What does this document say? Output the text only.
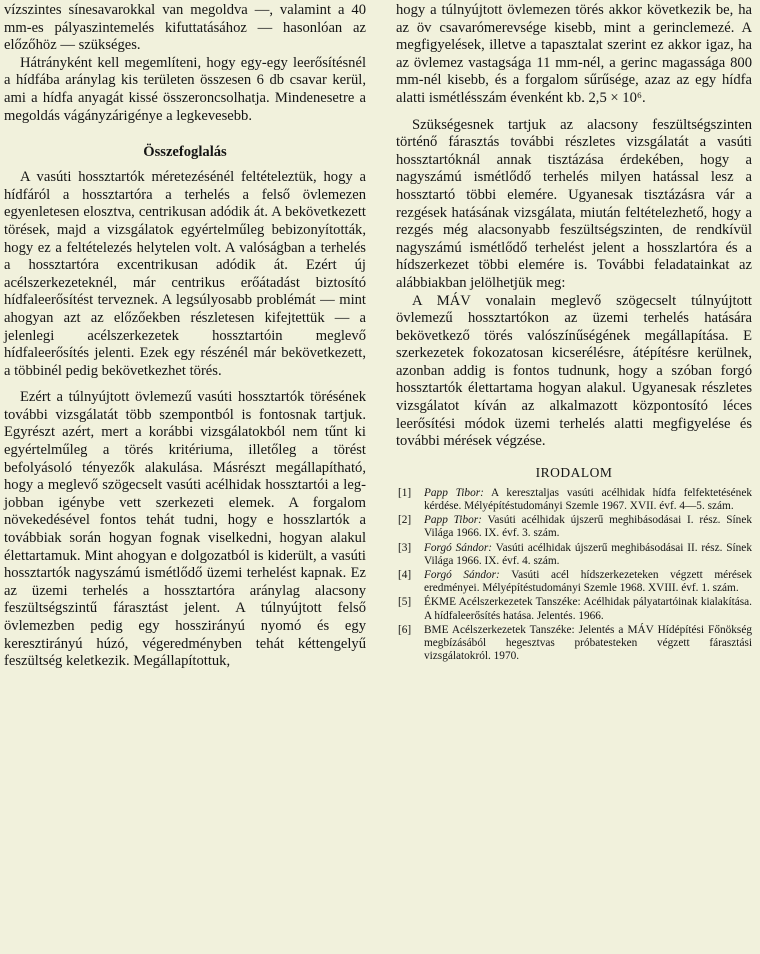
vízszintes sínesavarokkal van megoldva —, valamint a 40 mm-es pályaszintemelés kifuttatásához — hasonlóan az előzőhöz — szükséges.

Hátrányként kell megemlíteni, hogy egy-egy leerősítésnél a hídfába aránylag kis területen összesen 6 db csavar kerül, ami a hídfa anyagát kissé összeroncsolhatja. Mindenesetre a megoldás vágányzárigénye a legkevesebb.

Összefoglalás

A vasúti hossztartók méretezésénél feltételeztük, hogy a hídfáról a hossztartóra a terhelés a felső övlemezen egyenletesen elosztva, centrikusan adódik át. A bekövetkezett törések, majd a vizsgálatok egyértelműleg bebizonyították, hogy ez a feltételezés helytelen volt. A valóságban a terhelés a hossztartóra excentrikusan adódik át. Ezért új acélszerkezeteknél, már centrikus erőátadást biztosító hídfaleerősítést terveznek. A legsúlyosabb problémát — mint ahogyan azt az előzőekben részletesen kifejtettük — a jelenlegi acélszerkezetek hossztartóin meglevő hídfaleerősítés jelenti. Ezek egy részénél már bekövetkezett, a többinél pedig bekövetkezhet törés.

Ezért a túlnyújtott övlemezű vasúti hossztartók törésének további vizsgálatát több szempontból is fontosnak tartjuk. Egyrészt azért, mert a korábbi vizsgálatokból nem tűnt ki egyértelműleg a törés kritériuma, illetőleg a törést befolyásoló tényezők alakulása. Másrészt megállapítható, hogy a meglevő szögecselt vasúti acélhidak hossztartói a legjobban igénybe vett szerkezeti elemek. A forgalom növekedésével fontos tehát tudni, hogy e hosszlartók a továbbiak során hogyan fognak viselkedni, hogyan alakul élettartamuk. Mint ahogyan e dolgozatból is kiderült, a vasúti hossztartók nagyszámú ismétlődő üzemi terhelést kapnak. Ez az üzemi terhelés a hossztartóra aránylag alacsony feszültségszintű fárasztást jelent. A túlnyújtott felső övlemezben pedig egy hosszirányú nyomó és egy keresztirányú húzó, végeredményben tehát kéttengelyű feszültség keletkezik. Megállapítottuk,

hogy a túlnyújtott övlemezen törés akkor következik be, ha az öv csavarómerevsége kisebb, mint a gerinclemezé. A megfigyelések, illetve a tapasztalat szerint ez akkor igaz, ha az övlemez vastagsága 11 mm-nél, a gerinc magassága 800 mm-nél kisebb, és a forgalom sűrűsége, azaz az egy hídfa alatti ismétlésszám évenként kb. 2,5 × 10⁶.

Szükségesnek tartjuk az alacsony feszültségszinten történő fárasztás további részletes vizsgálatát a vasúti hossztartóknál annak tisztázása érdekében, hogy a nagyszámú ismétlődő terhelés milyen hatással lesz a hossztartó többi elemére. Ugyanesak tisztázásra vár a rezgések hatásának vizsgálata, miután feltételezhető, hogy a rezgés még alacsonyabb feszültségszinten, de rendkívül nagyszámú ismétlődő terhelést jelent a hosszlartóra és a hídszerkezet többi elemére is. További feladatainkat az alábbiakban jelölhetjük meg:

A MÁV vonalain meglevő szögecselt túlnyújtott övlemezű hossztartókon az üzemi terhelés hatására bekövetkező törés valószínűségének megállapítása. E szerkezetek fokozatosan kicserélésre, átépítésre kerülnek, azonban addig is fontos tudnunk, hogy a szóban forgó hossztartók élettartama hogyan alakul. Ugyanesak részletes vizsgálatot kíván az alkalmazott központosító léces leerősítési módok üzemi terhelés alatti megfigyelése és további mérések végzése.

IRODALOM
[1] Papp Tibor: A keresztaljas vasúti acélhidak hídfa felfektetésének kérdése. Mélyépítéstudományi Szemle 1967. XVII. évf. 4—5. szám.
[2] Papp Tibor: Vasúti acélhidak újszerű meghibásodásai I. rész. Sínek Világa 1966. IX. évf. 3. szám.
[3] Forgó Sándor: Vasúti acélhidak újszerű meghibásodásai II. rész. Sínek Világa 1966. IX. évf. 4. szám.
[4] Forgó Sándor: Vasúti acél hídszerkezeteken végzett mérések eredményei. Mélyépítéstudományi Szemle 1968. XVIII. évf. 1. szám.
[5] ÉKME Acélszerkezetek Tanszéke: Acélhidak pályatartóinak kialakítása. A hídfaleerősítés hatása. Jelentés. 1966.
[6] BME Acélszerkezetek Tanszéke: Jelentés a MÁV Hídépítési Főnökség megbízásából hegesztvas próbatesteken végzett fárasztási vizsgálatokról. 1970.
